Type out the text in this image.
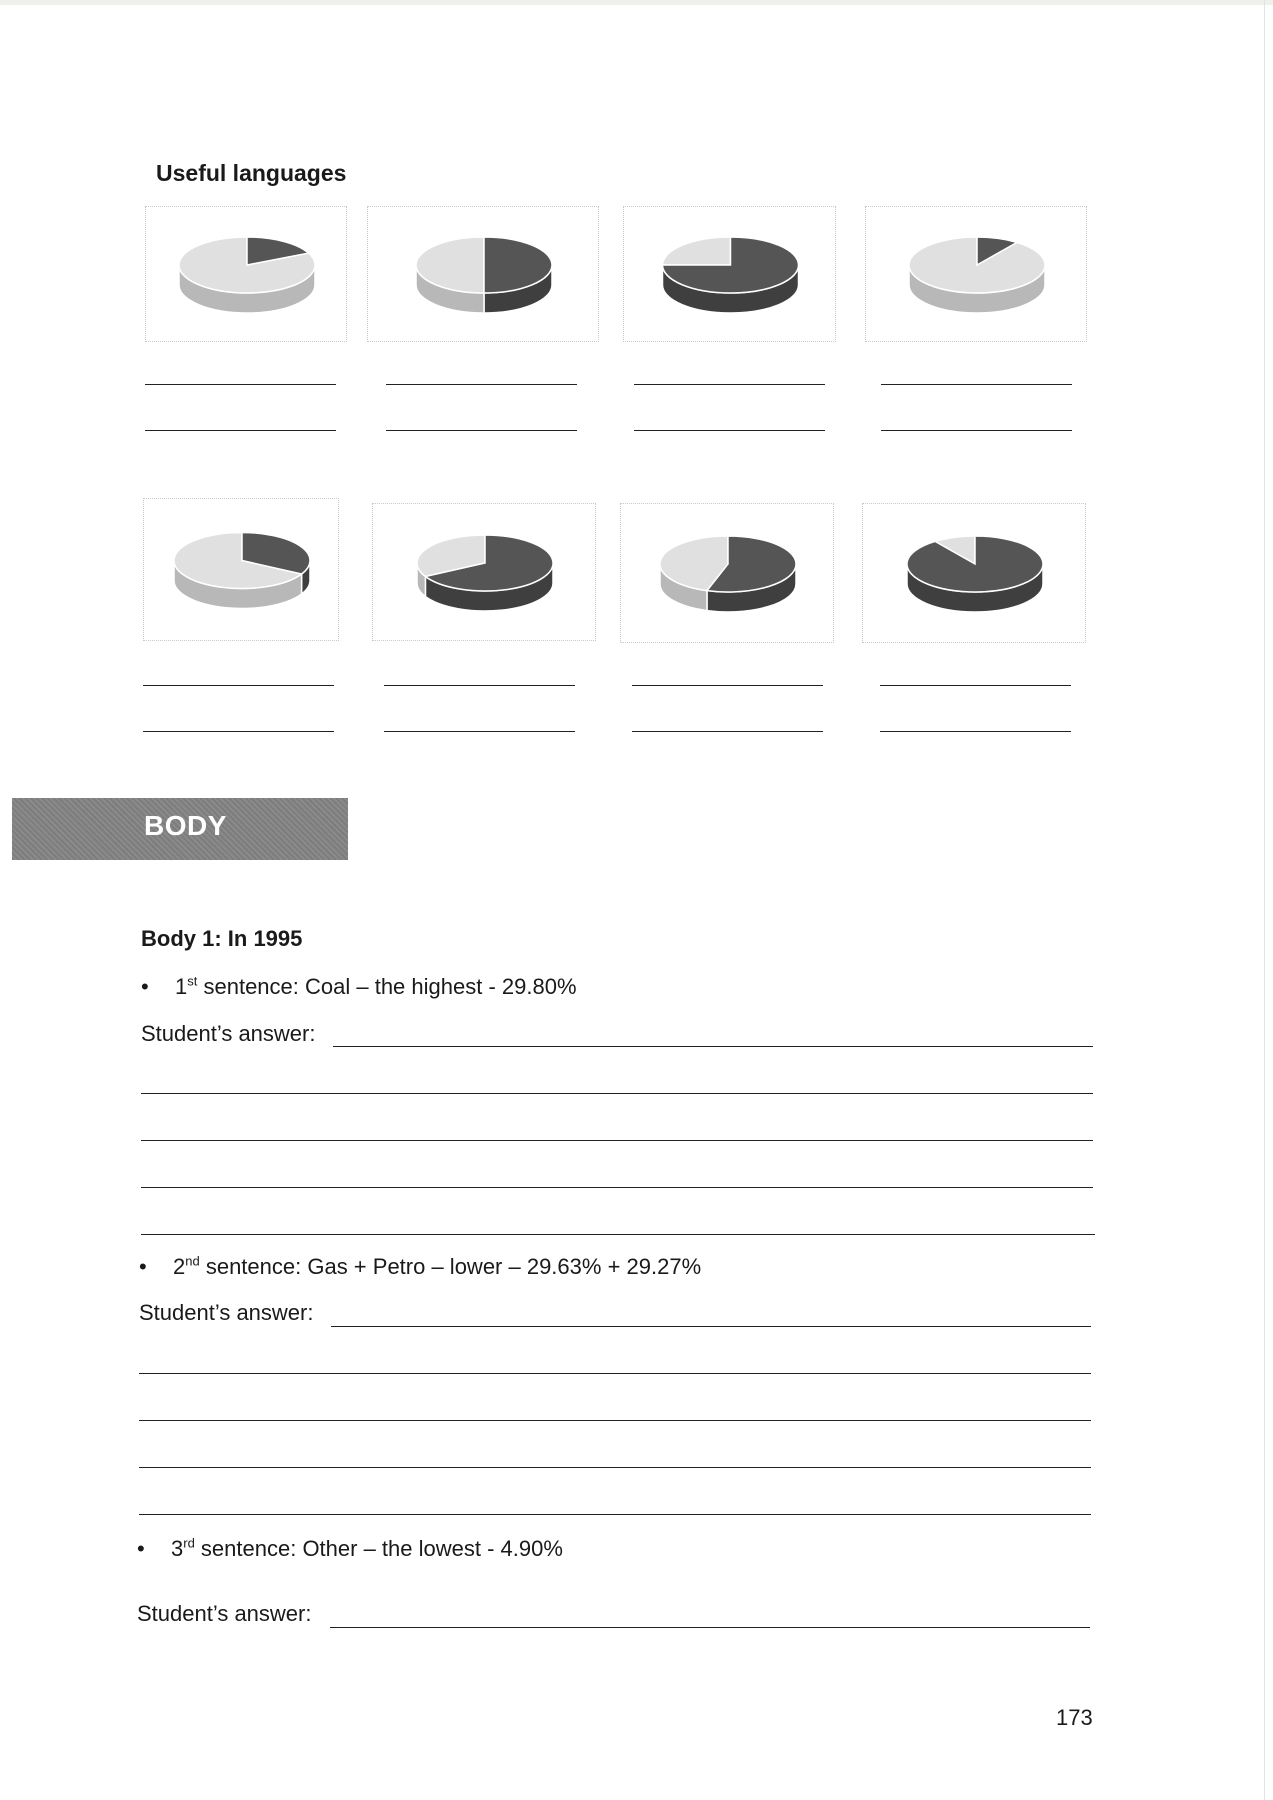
Useful languages
BODY
Body 1: In 1995
• 1st sentence: Coal – the highest - 29.80%
Student’s answer:
• 2nd sentence: Gas + Petro – lower – 29.63% + 29.27%
Student’s answer:
• 3rd sentence: Other – the lowest - 4.90%
Student’s answer:
173
